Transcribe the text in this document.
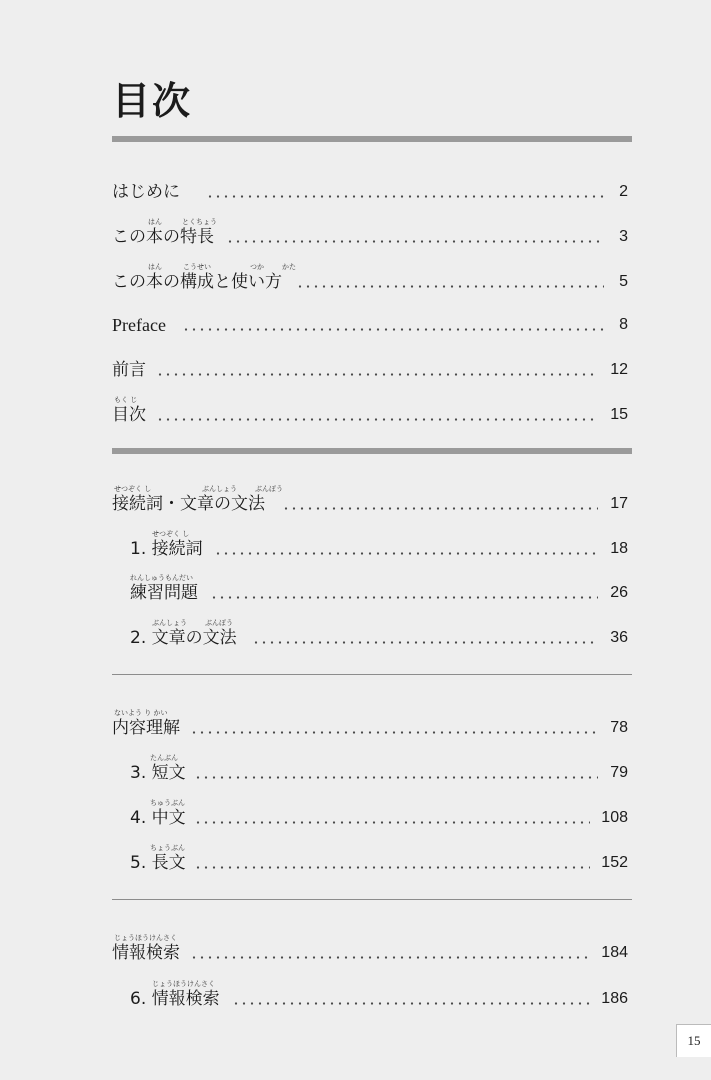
目次
はじめに	2
はん	とくちょう
この本の特長	3
はん	こうせい	つか	かた
この本の構成と使い方	5
Preface	8
前言	12
もく じ
目次	15
せつぞく し	ぶんしょう	ぶんぽう
接続詞・文章の文法	17
せつぞく し
1. 接続詞	18
れんしゅうもんだい
練習問題	26
ぶんしょう	ぶんぽう
2. 文章の文法	36
ないよう り かい
内容理解	78
たんぶん
3. 短文	79
ちゅうぶん
4. 中文	108
ちょうぶん
5. 長文	152
じょうほうけんさく
情報検索	184
じょうほうけんさく
6. 情報検索	186
15
